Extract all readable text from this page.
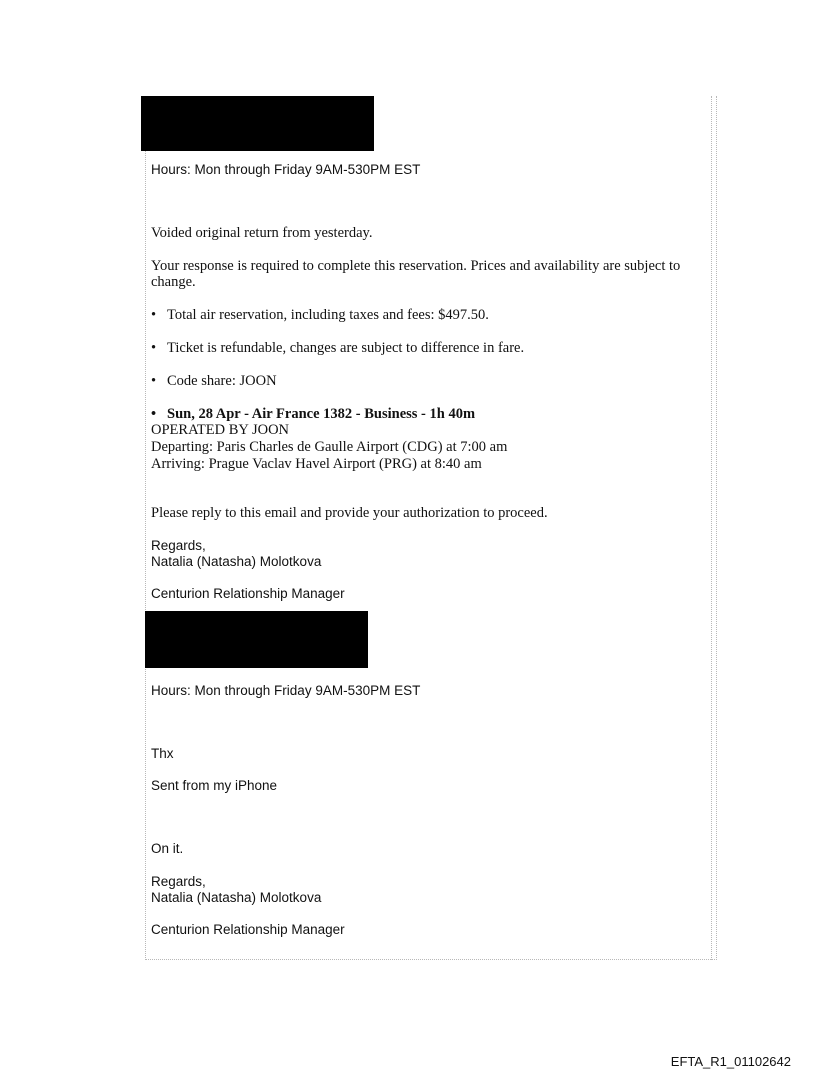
Hours: Mon through Friday 9AM-530PM EST

Voided original return from yesterday.

Your response is required to complete this reservation. Prices and availability are subject to change.

• Total air reservation, including taxes and fees: $497.50.

• Ticket is refundable, changes are subject to difference in fare.

• Code share: JOON

• Sun, 28 Apr - Air France 1382 - Business - 1h 40m

OPERATED BY JOON

Departing: Paris Charles de Gaulle Airport (CDG) at 7:00 am

Arriving: Prague Vaclav Havel Airport (PRG) at 8:40 am

Please reply to this email and provide your authorization to proceed.

Regards,

Natalia (Natasha) Molotkova

Centurion Relationship Manager

Hours: Mon through Friday 9AM-530PM EST

Thx

Sent from my iPhone

On it.

Regards,

Natalia (Natasha) Molotkova

Centurion Relationship Manager

EFTA_R1_01102642
